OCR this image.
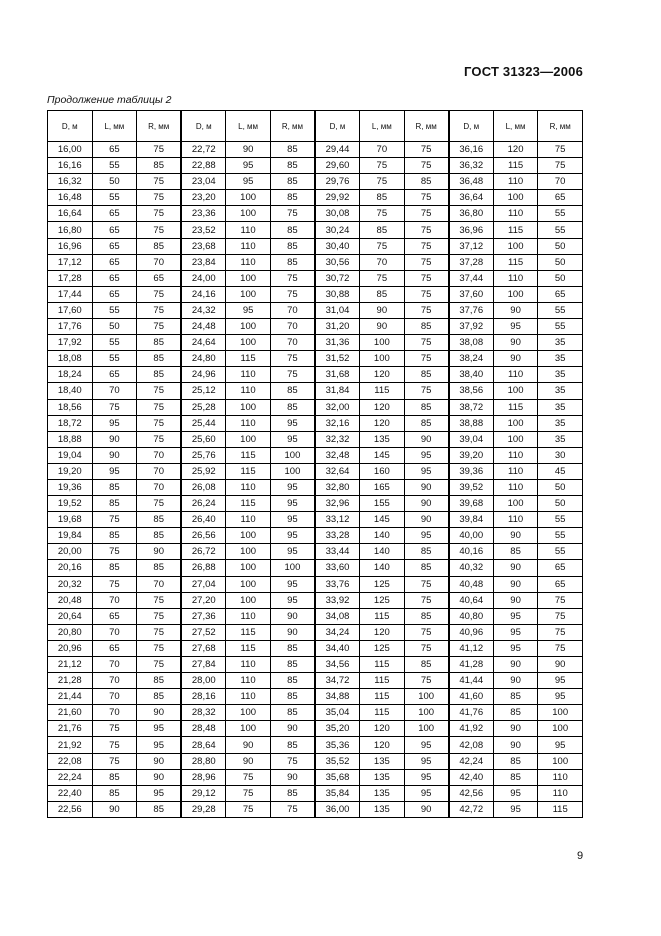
ГОСТ 31323—2006
Продолжение таблицы 2
D, м	L, мм	R, мм	D, м	L, мм	R, мм	D, м	L, мм	R, мм	D, м	L, мм	R, мм
16,00	65	75	22,72	90	85	29,44	70	75	36,16	120	75
16,16	55	85	22,88	95	85	29,60	75	75	36,32	115	75
16,32	50	75	23,04	95	85	29,76	75	85	36,48	110	70
16,48	55	75	23,20	100	85	29,92	85	75	36,64	100	65
16,64	65	75	23,36	100	75	30,08	75	75	36,80	110	55
16,80	65	75	23,52	110	85	30,24	85	75	36,96	115	55
16,96	65	85	23,68	110	85	30,40	75	75	37,12	100	50
17,12	65	70	23,84	110	85	30,56	70	75	37,28	115	50
17,28	65	65	24,00	100	75	30,72	75	75	37,44	110	50
17,44	65	75	24,16	100	75	30,88	85	75	37,60	100	65
17,60	55	75	24,32	95	70	31,04	90	75	37,76	90	55
17,76	50	75	24,48	100	70	31,20	90	85	37,92	95	55
17,92	55	85	24,64	100	70	31,36	100	75	38,08	90	35
18,08	55	85	24,80	115	75	31,52	100	75	38,24	90	35
18,24	65	85	24,96	110	75	31,68	120	85	38,40	110	35
18,40	70	75	25,12	110	85	31,84	115	75	38,56	100	35
18,56	75	75	25,28	100	85	32,00	120	85	38,72	115	35
18,72	95	75	25,44	110	95	32,16	120	85	38,88	100	35
18,88	90	75	25,60	100	95	32,32	135	90	39,04	100	35
19,04	90	70	25,76	115	100	32,48	145	95	39,20	110	30
19,20	95	70	25,92	115	100	32,64	160	95	39,36	110	45
19,36	85	70	26,08	110	95	32,80	165	90	39,52	110	50
19,52	85	75	26,24	115	95	32,96	155	90	39,68	100	50
19,68	75	85	26,40	110	95	33,12	145	90	39,84	110	55
19,84	85	85	26,56	100	95	33,28	140	95	40,00	90	55
20,00	75	90	26,72	100	95	33,44	140	85	40,16	85	55
20,16	85	85	26,88	100	100	33,60	140	85	40,32	90	65
20,32	75	70	27,04	100	95	33,76	125	75	40,48	90	65
20,48	70	75	27,20	100	95	33,92	125	75	40,64	90	75
20,64	65	75	27,36	110	90	34,08	115	85	40,80	95	75
20,80	70	75	27,52	115	90	34,24	120	75	40,96	95	75
20,96	65	75	27,68	115	85	34,40	125	75	41,12	95	75
21,12	70	75	27,84	110	85	34,56	115	85	41,28	90	90
21,28	70	85	28,00	110	85	34,72	115	75	41,44	90	95
21,44	70	85	28,16	110	85	34,88	115	100	41,60	85	95
21,60	70	90	28,32	100	85	35,04	115	100	41,76	85	100
21,76	75	95	28,48	100	90	35,20	120	100	41,92	90	100
21,92	75	95	28,64	90	85	35,36	120	95	42,08	90	95
22,08	75	90	28,80	90	75	35,52	135	95	42,24	85	100
22,24	85	90	28,96	75	90	35,68	135	95	42,40	85	110
22,40	85	95	29,12	75	85	35,84	135	95	42,56	95	110
22,56	90	85	29,28	75	75	36,00	135	90	42,72	95	115
9
